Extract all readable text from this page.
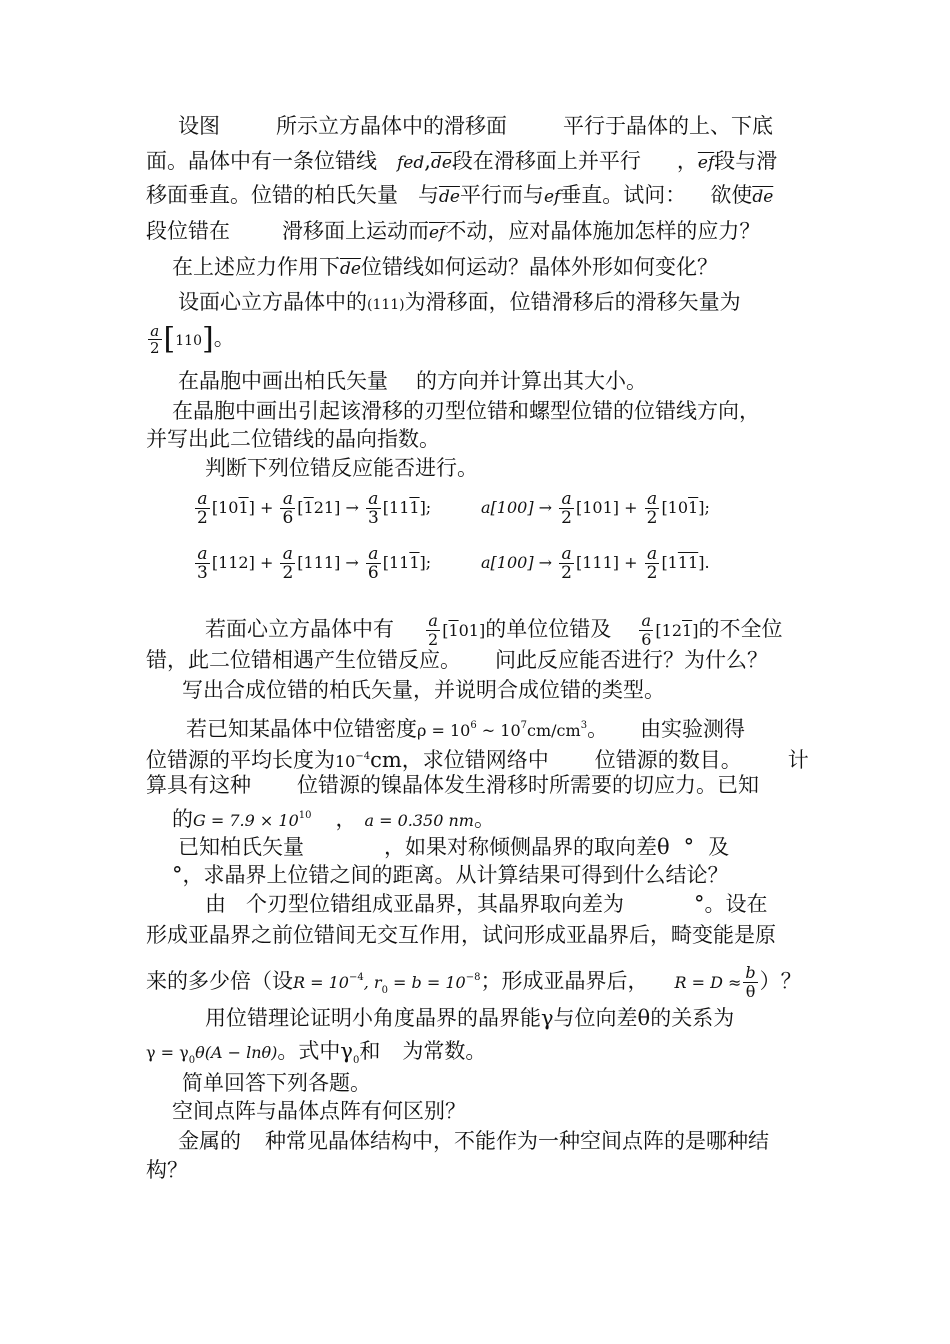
设图	所示立方晶体中的滑移面	平行于晶体的上、下底
面。晶体中有一条位错线 $fed,\overline{de}$段在滑移面上并平行 ，$\overline{ef}$段与滑
移面垂直。位错的柏氏矢量 与$\overline{de}$平行而与ef垂直。试问： 欲使$\overline{de}$
段位错在 滑移面上运动而$\overline{ef}$不动，应对晶体施加怎样的应力？
在上述应力作用下$\overline{de}$位错线如何运动？晶体外形如何变化？
设面心立方晶体中的(111)为滑移面，位错滑移后的滑移矢量为
$\frac{a}{2} [110]$。
在晶胞中画出柏氏矢量 的方向并计算出其大小。
在晶胞中画出引起该滑移的刃型位错和螺型位错的位错线方向，
并写出此二位错线的晶向指数。
判断下列位错反应能否进行。
$\frac{a}{2} [101] + \frac{a}{6} [121] \to \frac{a}{3} [111]$;	$a[100] \to \frac{a}{2} [101] + \frac{a}{2} [101]$;
$\frac{a}{3} [112] + \frac{a}{2} [111] \to \frac{a}{6} [111]$;	$a[100] \to \frac{a}{2} [111] + \frac{a}{2} [111]$.
若面心立方晶体中有 $\frac{a}{2} [101]$的单位位错及 $\frac{a}{6} [121]$的不全位
错，此二位错相遇产生位错反应。 问此反应能否进行？为什么？
写出合成位错的柏氏矢量，并说明合成位错的类型。
若已知某晶体中位错密度$\rho = 10^6$ ~ $10^7cm/cm^3$。 由实验测得
位错源的平均长度为$10^{-4}cm$，求位错网络中 位错源的数目。 计
算具有这种 位错源的镍晶体发生滑移时所需要的切应力。已知
的$G = 7.9 \times 10^{10}$ ， a = 0.350 nm。
已知柏氏矢量	，如果对称倾侧晶界的取向差θ ° 及
°，求晶界上位错之间的距离。从计算结果可得到什么结论？
由 个刃型位错组成亚晶界，其晶界取向差为	°。设在
形成亚晶界之前位错间无交互作用，试问形成亚晶界后，畸变能是原
来的多少倍（设$R = 10^{-4}$, $r_0 = b = 10^{-8}$；形成亚晶界后， $R = D \approx \frac{b}{\theta}$ ）？
用位错理论证明小角度晶界的晶界能γ与位向差θ的关系为
$\gamma = \gamma_0\theta(A - \ln\theta)$。式中$\gamma_0$和 为常数。
简单回答下列各题。
空间点阵与晶体点阵有何区别？
金属的 种常见晶体结构中，不能作为一种空间点阵的是哪种结
构？
